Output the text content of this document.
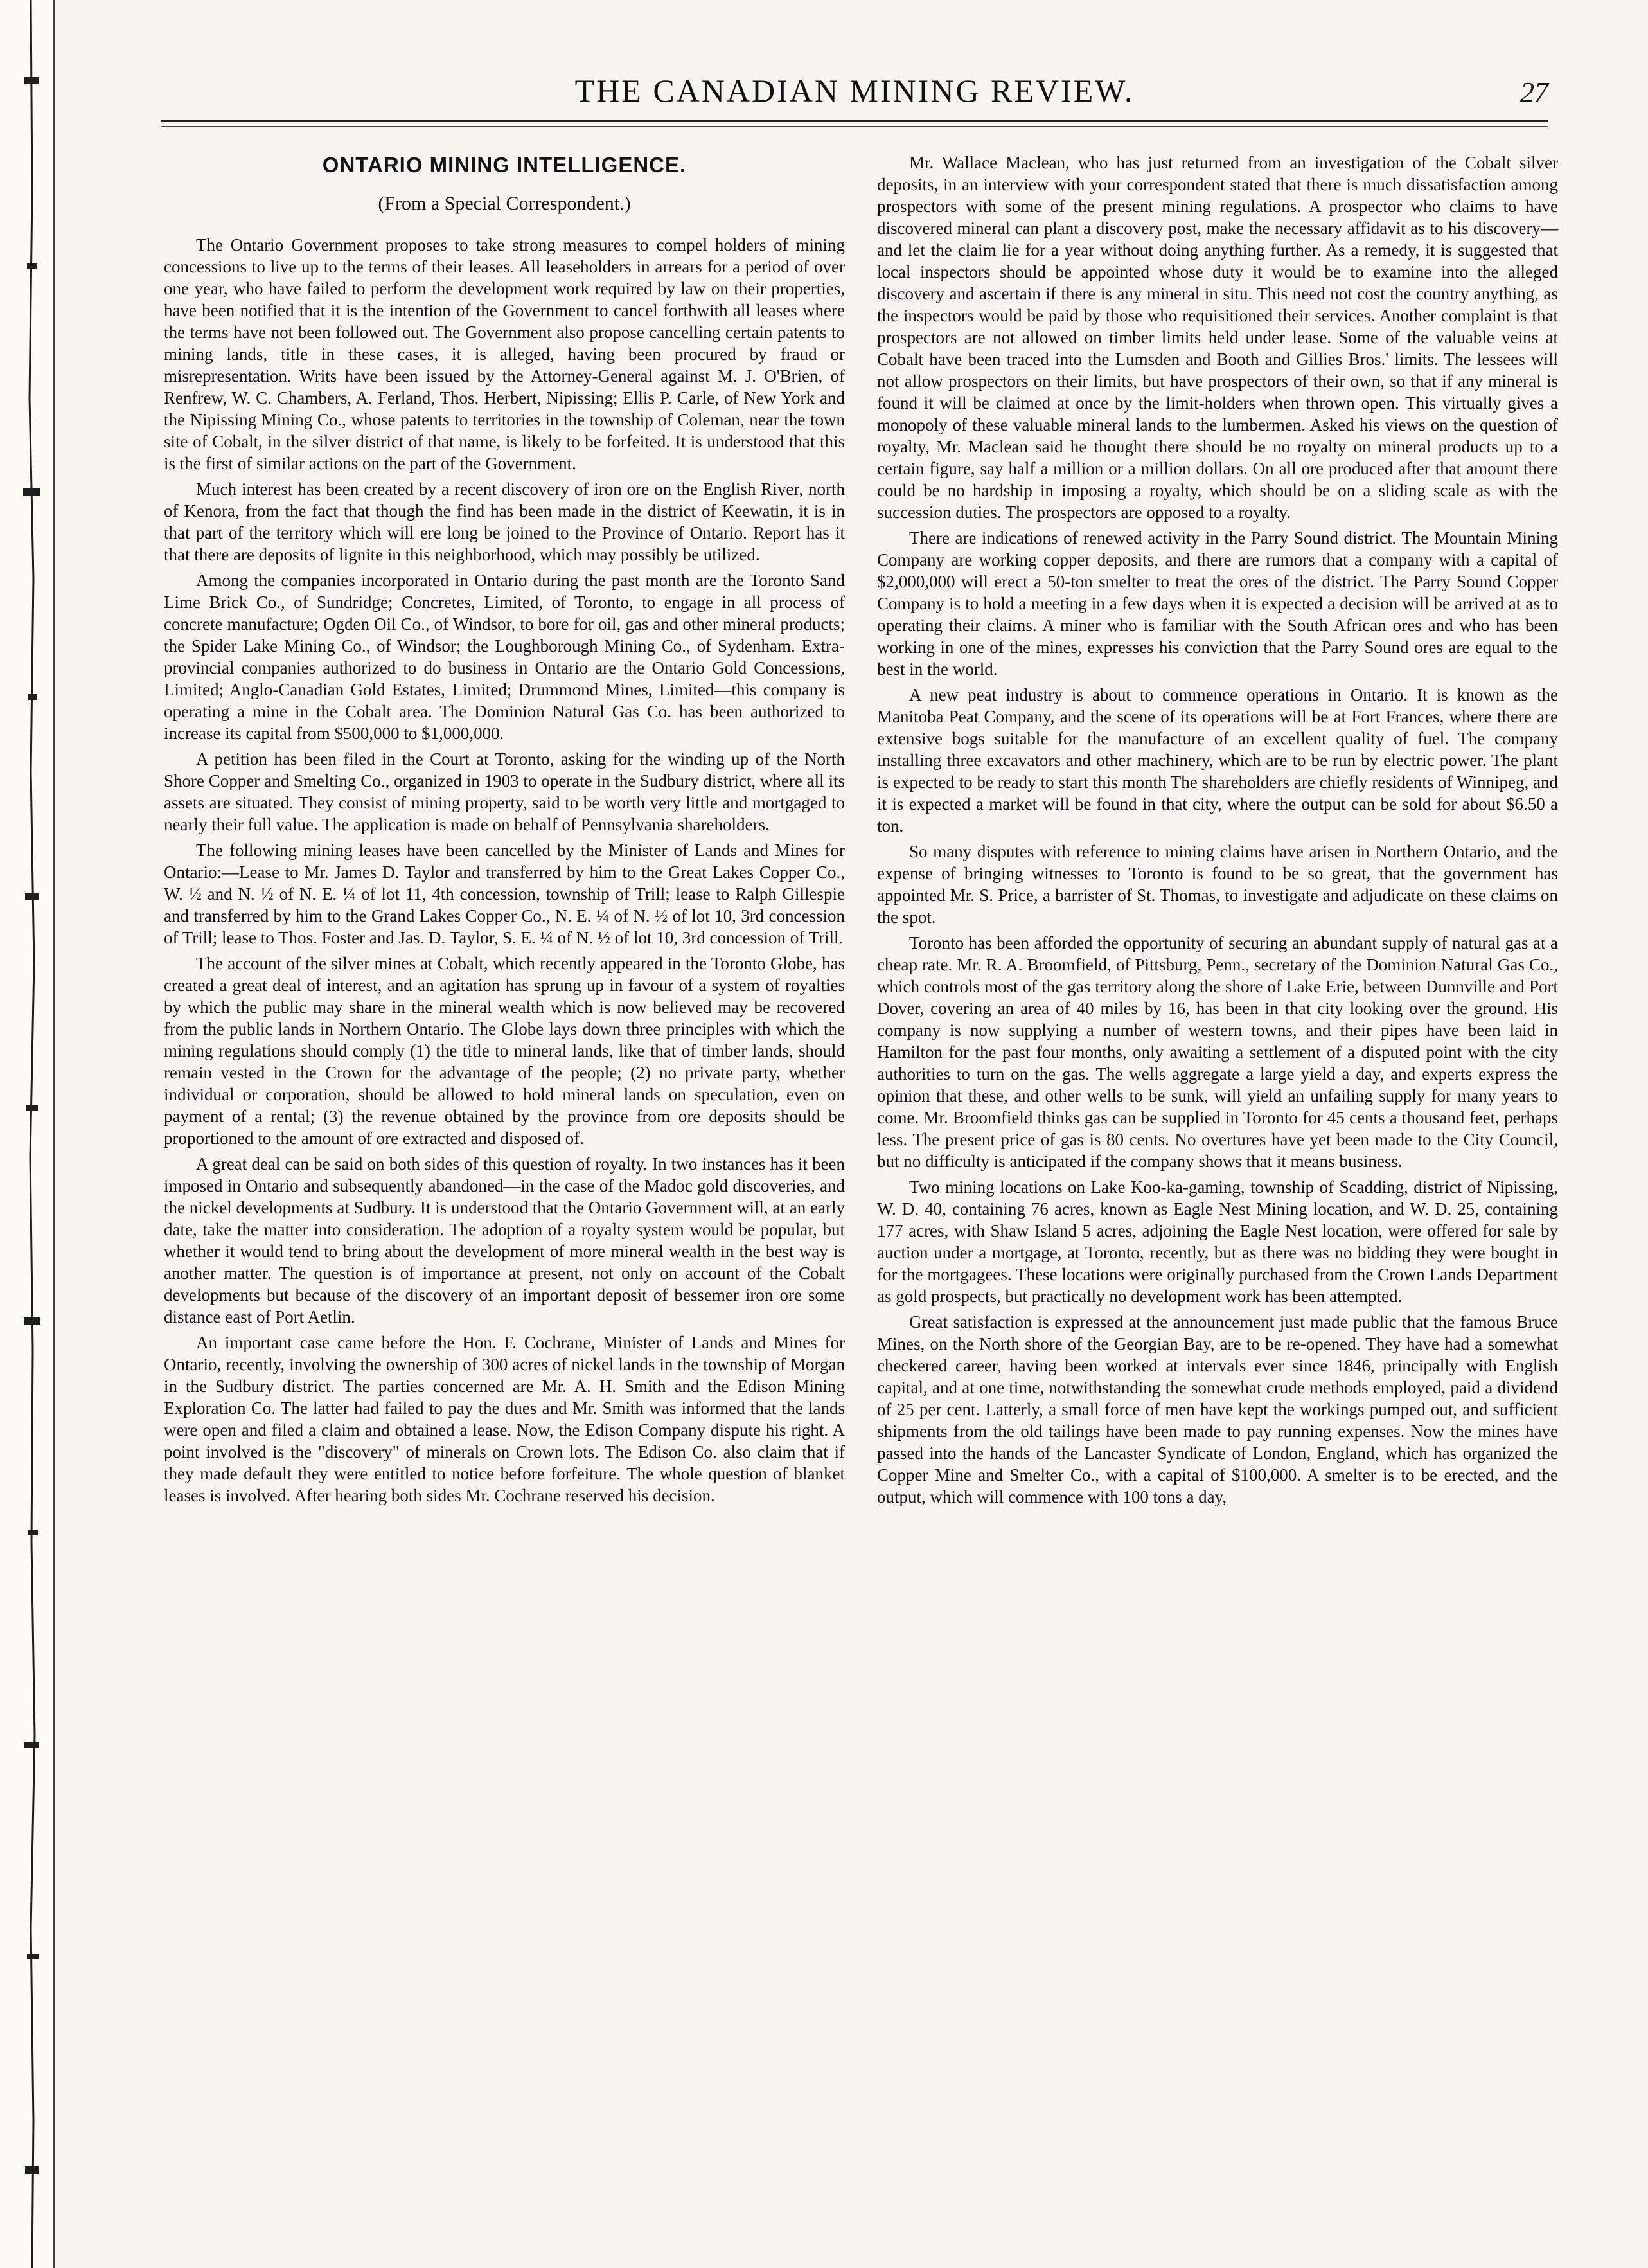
THE CANADIAN MINING REVIEW.	27
ONTARIO MINING INTELLIGENCE.
(From a Special Correspondent.)

The Ontario Government proposes to take strong measures to compel holders of mining concessions to live up to the terms of their leases. All leaseholders in arrears for a period of over one year, who have failed to perform the development work required by law on their properties, have been notified that it is the intention of the Government to cancel forthwith all leases where the terms have not been followed out. The Government also propose cancelling certain patents to mining lands, title in these cases, it is alleged, having been procured by fraud or misrepresentation. Writs have been issued by the Attorney-General against M. J. O'Brien, of Renfrew, W. C. Chambers, A. Ferland, Thos. Herbert, Nipissing; Ellis P. Carle, of New York and the Nipissing Mining Co., whose patents to territories in the township of Coleman, near the town site of Cobalt, in the silver district of that name, is likely to be forfeited. It is understood that this is the first of similar actions on the part of the Government.

Much interest has been created by a recent discovery of iron ore on the English River, north of Kenora, from the fact that though the find has been made in the district of Keewatin, it is in that part of the territory which will ere long be joined to the Province of Ontario. Report has it that there are deposits of lignite in this neighborhood, which may possibly be utilized.

Among the companies incorporated in Ontario during the past month are the Toronto Sand Lime Brick Co., of Sundridge; Concretes, Limited, of Toronto, to engage in all process of concrete manufacture; Ogden Oil Co., of Windsor, to bore for oil, gas and other mineral products; the Spider Lake Mining Co., of Windsor; the Loughborough Mining Co., of Sydenham. Extra-provincial companies authorized to do business in Ontario are the Ontario Gold Concessions, Limited; Anglo-Canadian Gold Estates, Limited; Drummond Mines, Limited—this company is operating a mine in the Cobalt area. The Dominion Natural Gas Co. has been authorized to increase its capital from $500,000 to $1,000,000.

A petition has been filed in the Court at Toronto, asking for the winding up of the North Shore Copper and Smelting Co., organized in 1903 to operate in the Sudbury district, where all its assets are situated. They consist of mining property, said to be worth very little and mortgaged to nearly their full value. The application is made on behalf of Pennsylvania shareholders.

The following mining leases have been cancelled by the Minister of Lands and Mines for Ontario:—Lease to Mr. James D. Taylor and transferred by him to the Great Lakes Copper Co., W. ½ and N. ½ of N. E. ¼ of lot 11, 4th concession, township of Trill; lease to Ralph Gillespie and transferred by him to the Grand Lakes Copper Co., N. E. ¼ of N. ½ of lot 10, 3rd concession of Trill; lease to Thos. Foster and Jas. D. Taylor, S. E. ¼ of N. ½ of lot 10, 3rd concession of Trill.

The account of the silver mines at Cobalt, which recently appeared in the Toronto Globe, has created a great deal of interest, and an agitation has sprung up in favour of a system of royalties by which the public may share in the mineral wealth which is now believed may be recovered from the public lands in Northern Ontario. The Globe lays down three principles with which the mining regulations should comply (1) the title to mineral lands, like that of timber lands, should remain vested in the Crown for the advantage of the people; (2) no private party, whether individual or corporation, should be allowed to hold mineral lands on speculation, even on payment of a rental; (3) the revenue obtained by the province from ore deposits should be proportioned to the amount of ore extracted and disposed of.

A great deal can be said on both sides of this question of royalty. In two instances has it been imposed in Ontario and subsequently abandoned—in the case of the Madoc gold discoveries, and the nickel developments at Sudbury. It is understood that the Ontario Government will, at an early date, take the matter into consideration. The adoption of a royalty system would be popular, but whether it would tend to bring about the development of more mineral wealth in the best way is another matter. The question is of importance at present, not only on account of the Cobalt developments but because of the discovery of an important deposit of bessemer iron ore some distance east of Port Aetlin.

An important case came before the Hon. F. Cochrane, Minister of Lands and Mines for Ontario, recently, involving the ownership of 300 acres of nickel lands in the township of Morgan in the Sudbury district. The parties concerned are Mr. A. H. Smith and the Edison Mining Exploration Co. The latter had failed to pay the dues and Mr. Smith was informed that the lands were open and filed a claim and obtained a lease. Now, the Edison Company dispute his right. A point involved is the "discovery" of minerals on Crown lots. The Edison Co. also claim that if they made default they were entitled to notice before forfeiture. The whole question of blanket leases is involved. After hearing both sides Mr. Cochrane reserved his decision.

Mr. Wallace Maclean, who has just returned from an investigation of the Cobalt silver deposits, in an interview with your correspondent stated that there is much dissatisfaction among prospectors with some of the present mining regulations. A prospector who claims to have discovered mineral can plant a discovery post, make the necessary affidavit as to his discovery—and let the claim lie for a year without doing anything further. As a remedy, it is suggested that local inspectors should be appointed whose duty it would be to examine into the alleged discovery and ascertain if there is any mineral in situ. This need not cost the country anything, as the inspectors would be paid by those who requisitioned their services. Another complaint is that prospectors are not allowed on timber limits held under lease. Some of the valuable veins at Cobalt have been traced into the Lumsden and Booth and Gillies Bros.' limits. The lessees will not allow prospectors on their limits, but have prospectors of their own, so that if any mineral is found it will be claimed at once by the limit-holders when thrown open. This virtually gives a monopoly of these valuable mineral lands to the lumbermen. Asked his views on the question of royalty, Mr. Maclean said he thought there should be no royalty on mineral products up to a certain figure, say half a million or a million dollars. On all ore produced after that amount there could be no hardship in imposing a royalty, which should be on a sliding scale as with the succession duties. The prospectors are opposed to a royalty.

There are indications of renewed activity in the Parry Sound district. The Mountain Mining Company are working copper deposits, and there are rumors that a company with a capital of $2,000,000 will erect a 50-ton smelter to treat the ores of the district. The Parry Sound Copper Company is to hold a meeting in a few days when it is expected a decision will be arrived at as to operating their claims. A miner who is familiar with the South African ores and who has been working in one of the mines, expresses his conviction that the Parry Sound ores are equal to the best in the world.

A new peat industry is about to commence operations in Ontario. It is known as the Manitoba Peat Company, and the scene of its operations will be at Fort Frances, where there are extensive bogs suitable for the manufacture of an excellent quality of fuel. The company installing three excavators and other machinery, which are to be run by electric power. The plant is expected to be ready to start this month The shareholders are chiefly residents of Winnipeg, and it is expected a market will be found in that city, where the output can be sold for about $6.50 a ton.

So many disputes with reference to mining claims have arisen in Northern Ontario, and the expense of bringing witnesses to Toronto is found to be so great, that the government has appointed Mr. S. Price, a barrister of St. Thomas, to investigate and adjudicate on these claims on the spot.

Toronto has been afforded the opportunity of securing an abundant supply of natural gas at a cheap rate. Mr. R. A. Broomfield, of Pittsburg, Penn., secretary of the Dominion Natural Gas Co., which controls most of the gas territory along the shore of Lake Erie, between Dunnville and Port Dover, covering an area of 40 miles by 16, has been in that city looking over the ground. His company is now supplying a number of western towns, and their pipes have been laid in Hamilton for the past four months, only awaiting a settlement of a disputed point with the city authorities to turn on the gas. The wells aggregate a large yield a day, and experts express the opinion that these, and other wells to be sunk, will yield an unfailing supply for many years to come. Mr. Broomfield thinks gas can be supplied in Toronto for 45 cents a thousand feet, perhaps less. The present price of gas is 80 cents. No overtures have yet been made to the City Council, but no difficulty is anticipated if the company shows that it means business.

Two mining locations on Lake Koo-ka-gaming, township of Scadding, district of Nipissing, W. D. 40, containing 76 acres, known as Eagle Nest Mining location, and W. D. 25, containing 177 acres, with Shaw Island 5 acres, adjoining the Eagle Nest location, were offered for sale by auction under a mortgage, at Toronto, recently, but as there was no bidding they were bought in for the mortgagees. These locations were originally purchased from the Crown Lands Department as gold prospects, but practically no development work has been attempted.

Great satisfaction is expressed at the announcement just made public that the famous Bruce Mines, on the North shore of the Georgian Bay, are to be re-opened. They have had a somewhat checkered career, having been worked at intervals ever since 1846, principally with English capital, and at one time, notwithstanding the somewhat crude methods employed, paid a dividend of 25 per cent. Latterly, a small force of men have kept the workings pumped out, and sufficient shipments from the old tailings have been made to pay running expenses. Now the mines have passed into the hands of the Lancaster Syndicate of London, England, which has organized the Copper Mine and Smelter Co., with a capital of $100,000. A smelter is to be erected, and the output, which will commence with 100 tons a day,
